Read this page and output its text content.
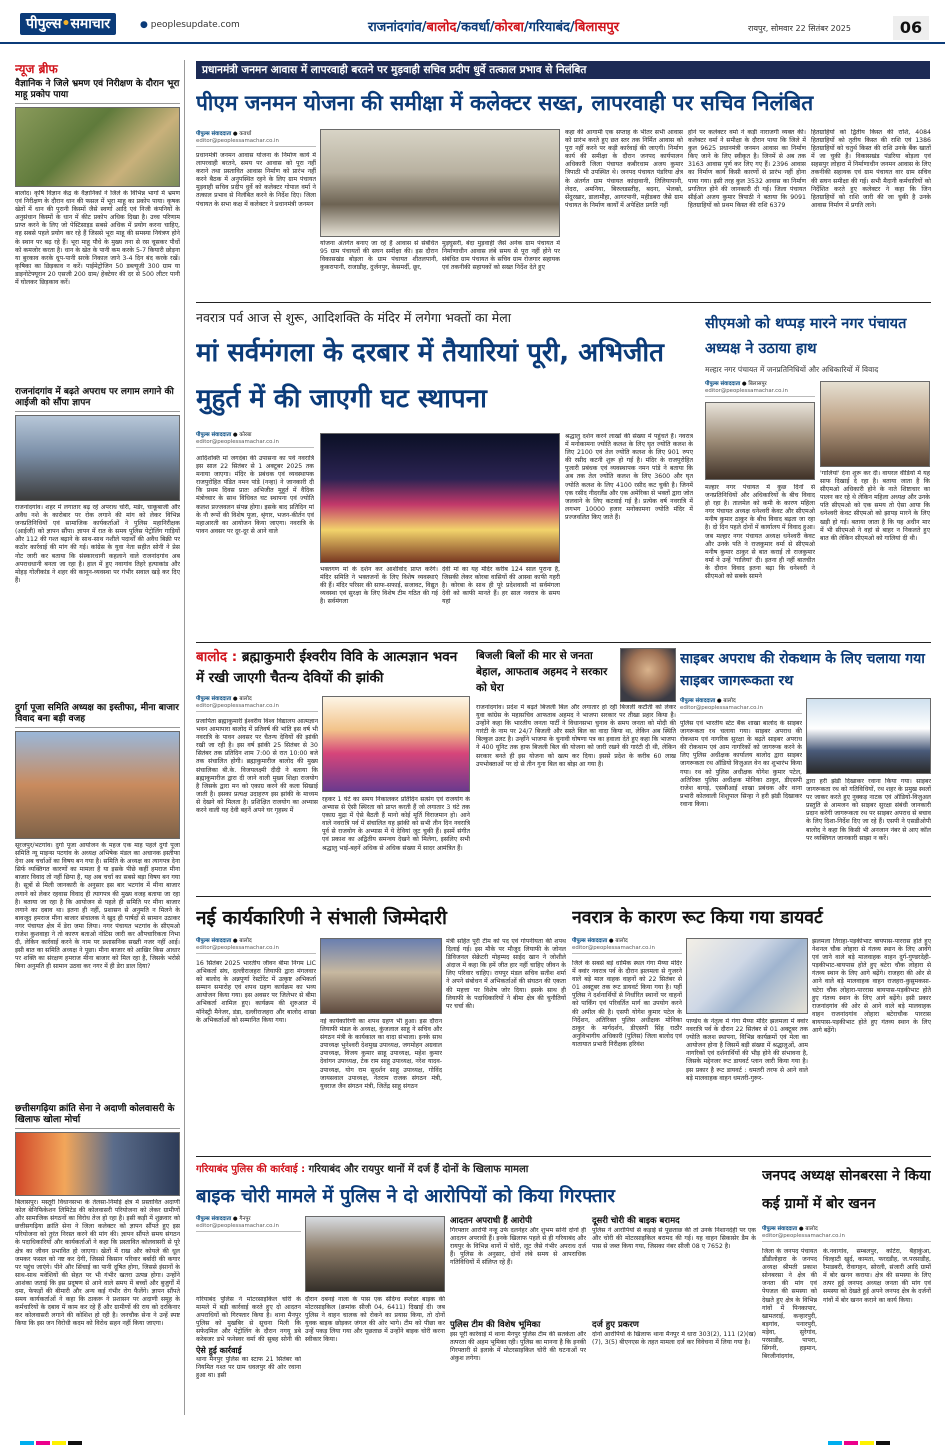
पीपुल्स•समाचार	● peoplesupdate.com	राजनांदगांव/बालोद/कवर्धा/कोरबा/गरियाबंद/बिलासपुर	रायपुर, सोमवार 22 सितंबर 2025	06
न्यूज ब्रीफ
वैज्ञानिक ने जिले भ्रमण एवं निरीक्षण के दौरान भूरा माहू प्रकोप पाया
बालोद। कृषि विज्ञान केंद्र के वैज्ञानिकों ने जिले के विभिन्न भागों में भ्रमण एवं निरीक्षण के दौरान धान की फसल में भूरा माहू का प्रकोप पाया। कृषक खेतों में धान की पुरानी किस्मों जैसे स्वर्णा आदि एवं निजी कंपनियों के अनुसंधान किस्मों के धान में कीट प्रकोप अधिक दिखा है। उच्च परिणाम प्राप्त करने के लिए जो पेस्टिसाइड सबसे अधिक में प्रयोग करना चाहिए, वह सबसे पहले प्रयोग कर रहे हैं जिससे भूरा माहू की समस्या नियंत्रण होने के स्थान पर बढ़ रहे हैं। भूरा माहू पौधे के मुख्य तना से रस चूसकर पौधों को कमजोर करता है। धान के खेत के पानी कम करके 5-7 कियारी छोड़ना या बुरकाव करके धूप-पानी सरके निकाल जाने 3-4 दिन बंद करके रखें। कृषिका का छिड़काव न करें। पाईमेट्रोजिन 50 डब्ल्यूजी 300 ग्राम या डाइनोटेफ्यूरान 20 एसजी 200 ग्राम/ हेक्टेयर की दर से 500 लीटर पानी में घोलकर छिड़काव करें।
राजनांदगांव में बढ़ते अपराध पर लगाम लगाने की आईजी को सौंपा ज्ञापन
राजनांदगांव। शहर में लगातार बढ़ रहे अपराध चोरी, मर्डर, चाकूबाजी और अवैध नशे के कारोबार पर रोक लगाने की मांग को लेकर विभिन्न जनप्रतिनिधियों एवं सामाजिक कार्यकर्ताओं ने पुलिस महानिरीक्षक (आईजी) को ज्ञापन सौंपा। ज्ञापन में रात के समय पुलिस पेट्रोलिंग गाड़ियों और 112 की गश्त बढ़ाने के साथ-साथ नशीले पदार्थों की अवैध बिक्री पर कठोर कार्रवाई की मांग की गई। कांग्रेस के युवा नेता सहीत सोनी ने प्रेस नोट जारी कर बताया कि संस्कारधानी कहलाने वाले राजनांदगांव अब अपराधधानी बनता जा रहा है। हाल में हुए नवागांव तिहरे हत्याकांड और मोहड़ गोलीकांड ने शहर की कानून-व्यवस्था पर गंभीर सवाल खड़े कर दिए हैं।
दुर्गा पूजा समिति अध्यक्ष का इस्तीफा, मीना बाजार विवाद बना बड़ी वजह
सूरजपुर/भटगांव। दुर्गा पूजा आयोजन के महज एक माह पहले दुर्गा पूजा समिति न्यू माइन्स पटगांव के अध्यक्ष अभिषेक मंडल का अचानक इस्तीफा देना अब चर्चाओं का विषय बन गया है। समिति के अध्यक्ष का त्यागपत्र देना सिर्फ व्यक्तिगत कारणों का मामला है या इसके पीछे कहीं हमराज मीना बाजार विवाद तो नहीं छिपा है, यह अब चर्चा का सबसे बड़ा विषय बन गया है। सूत्रों से मिली जानकारी के अनुसार इस बार भटगांव में मीना बाजार लगाने को लेकर रहवास विवाद ही त्यागपत्र की मुख्य वजह बताया जा रहा है। बताया जा रहा है कि आयोजन से पहले ही समिति पर मीना बाजार लगाने का दबाव था। इतना ही नहीं, प्रशासन से अनुमति न मिलने के बावजूद हमराज मीना बाजार संचालक ने खुद ही पार्षदों से सामान उठाकर नगर पंचायत क्षेत्र में डेरा जमा लिया। नगर पंचायत भटगांव के सीएमओ राजेश कुशवाहा ने तो कारण बताओ नोटिस जारी कर औपचारिकता निभा दी, लेकिन कार्रवाई करने के नाम पर प्रशासनिक सख्ती नजर नहीं आई। इसी बात का समिति अध्यक्ष ने पूछा। मीना बाजार को आखिर किस आधार पर शक्ति का संरक्षण हमराज मीना बाजार को मिल रहा है, जिसके भरोसे बिना अनुमति ही सामान उठवा कर नगर में ही डेरा डाल दिया?
छत्तीसगढ़िया क्रांति सेना ने अदाणी कोलवासरी के खिलाफ खोला मोर्चा
बिलासपुर। मस्तूरी विधानसभा के तेलसा-निर्माई क्षेत्र में प्रस्तावित अदाणी कोल बेनिफिकेशन लिमिटेड की कोलवासरी परियोजना को लेकर ग्रामीणों और सामाजिक संगठनों का विरोध तेज हो रहा है। इसी कड़ी में शुक्रवार को छत्तीसगढ़िया क्रांति सेना ने जिला कलेक्टर को ज्ञापन सौंपते हुए इस परियोजना को तुरंत निरस्त करने की मांग की। ज्ञापन सौंपते समय संगठन के पदाधिकारियों और कार्यकर्ताओं ने कहा कि प्रस्तावित कोलवासरी से पूरे क्षेत्र का जीवन प्रभावित हो जाएगा। खेतों में राख और कोयले की धूल जमकर फसल को नष्ट कर देगी, जिससे किसान परिवार बर्बादी की कगार पर पहुंच जाएंगे। पीने और सिंचाई का पानी दूषित होगा, जिससे इंसानों के साथ-साथ मवेशियों की सेहत पर भी गंभीर खतरा उत्पन्न होगा। उन्होंने आशंका जताई कि इस प्रदूषण से आने वाले समय में बच्चों और बुजुर्गों में दमा, फेफड़ों की बीमारी और अन्य कई गंभीर रोग फैलेंगे। ज्ञापन सौंपते समय कार्यकर्ताओं ने कहा कि ठाकरू ने प्रशासन पर अदाणी समूह के कर्मचारियों के दबाव में काम कर रहे हैं और ग्रामीणों की राय को दरकिनार कर कोलवासरी लगाने की कोशिश हो रही है। जनचौक सेना ने उन्हें स्पष्ट किया कि इस जन विरोधी कदम को विरोध सहन नहीं किया जाएगा।
प्रधानमंत्री जनमन आवास में लापरवाही बरतने पर मुड़वाही सचिव प्रदीप धुर्वे तत्काल प्रभाव से निलंबित
पीएम जनमन योजना की समीक्षा में कलेक्टर सख्त, लापरवाही पर सचिव निलंबित
पीपुल्स संवाददाता ● कवर्धा
editor@peoplessamachar.co.in
प्रधानमंत्री जनमन आवास योजना के निर्माण कार्य में लापरवाही बरतने, समय पर आवास को पूरा नहीं कराने तथा प्रस्तावित आवास निर्माण को प्रारंभ नहीं करने बैठक में अनुपस्थित रहने के लिए ग्राम पंचायत मुड़वाही सचिव प्रदीप धुर्वे को कलेक्टर गोपाल वर्मा ने तत्काल प्रभाव से निलंबित करने के निर्देश दिए। जिला पंचायत के सभा कक्ष में कलेक्टर ने प्रधानमंत्री जनमन
योजना अंतर्गत बनाए जा रहे हैं आवास से संबंधित 95 ग्राम पंचायतों की सघन समीक्षा की। इस दौरान विकासखंड बोड़ला के ग्राम पंचायत शीतलपानी, कुकरापानी, राजाडीह, दुर्जनपुर, केसमर्दी, छूर,
मुड़घुसरी, बेंदा मुड़वाही जैसे अनेक ग्राम पंचायत में निर्माणाधीन आवास लंबे समय से पूरा नहीं होने पर संबंधित ग्राम पंचायत के सचिव ग्राम रोजगार सहायक एवं तकनीकी सहायकों को सख्त निर्देश देते हुए
कहा की आगामी एक सप्ताह के भीतर सभी आवास को प्रारंभ करते हुए छत स्तर तक निर्मित आवास को पूरा नहीं करने पर कड़ी कार्रवाई की जाएगी। निर्माण कार्य की समीक्षा के दौरान जनपद कार्यपालन अधिकारी जिला पंचायत कबीरधाम अजय कुमार त्रिपाठी भी उपस्थित थे। जनपद पंचायत पंडरिया क्षेत्र के अंतर्गत ग्राम पंचायत कांदावानी, तिलियापानी, लेदरा, अमनिया, बिरुलडस्तीह, बदना, भेलको, सेंदुरखार, डालामौहा, आगरपानी, महीडबरा जैसे ग्राम पंचायत के निर्माण कार्यों में अपेक्षित प्रगति नहीं
होने पर कलेक्टर वर्मा ने कड़ी नाराजगी व्यक्त की। कलेक्टर वर्मा ने समीक्षा के दौरान पाया कि जिले में कुल 9625 प्रधानमंत्री जनमन आवास का निर्माण किए जाने के लिए स्वीकृत है। जिनमें से अब तक 3163 आवास पूर्ण कर लिए गए हैं। 2396 आवास का निर्माण कार्य किसी कारणों से प्रारंभ नहीं होना पाया गया। इसी तरह कुल 3532 आवास का निर्माण प्रगतिरत होने की जानकारी दी गई। जिला पंचायत सीईओ अजय कुमार त्रिपाठी ने बताया कि 9091 हितग्राहियों को प्रथम किस्त की राशि 6379
हितग्राहियों को द्वितीय किस्त की राशि, 4084 हितग्राहियों को तृतीय किस्त की राशि एवं 1386 हितग्राहियों को चतुर्थ किस्त की राशि उनके बैंक खातों में जा चुकी है। विकासखंड पंडरिया बोड़ला एवं सहसपुर लोहारा में निर्माणाधीन जनमन आवास के लिए तकनीकी सहायक एवं ग्राम पंचायत वार ग्राम सचिव की सघन समीक्षा की गई। सभी मैदानी कर्मचारियों को निर्देशित करते हुए कलेक्टर ने कहा कि जिन हितग्राहियों को राशि जारी की जा चुकी है उनके आवास निर्माण में प्रगति लाने।
नवरात्र पर्व आज से शुरू, आदिशक्ति के मंदिर में लगेगा भक्तों का मेला
मां सर्वमंगला के दरबार में तैयारियां पूरी, अभिजीत मुहुर्त में की जाएगी घट स्थापना
पीपुल्स संवाददाता ● कोरबा
editor@peoplessamachar.co.in
आदिशक्ति मां जगदंबा की उपासना का पर्व नवरात्रि इस साल 22 सितंबर से 1 अक्टूबर 2025 तक मनाया जाएगा। मंदिर के प्रबंधक एवं व्यवस्थापक राजपुरोहित पंडित नमन पांडे (नन्हा) ने जानकारी दी कि प्रथम दिवस प्रातः अभिजीत मुहूर्त में वैदिक मंत्रोच्चार के साथ विधिवत घट स्थापना एवं ज्योति कलश प्रज्जवलन संपन्न होगा। इसके बाद प्रतिदिन मां के नौ रूपों की विशेष पूजा, श्रृंगार, भजन-कीर्तन एवं महाआरती का आयोजन किया जाएगा। नवरात्रि के पावन अवसर पर दूर-दूर से आने वाले
भक्तगण मां के दर्शन कर आशीर्वाद प्राप्त करेंगे। मंदिर समिति ने भक्तजनों के लिए विशेष व्यवस्थाएं की हैं। मंदिर परिसर की साफ-सफाई, सजावट, विद्युत व्यवस्था एवं सुरक्षा के लिए विशेष टीम गठित की गई है। सर्वमंगला
देवी मां का यह मंदिर करीब 124 साल पुराना है, जिसकी लेकर कोरबा वासियों की आस्था काफी गहरी है। कोरबा के साथ ही पूरे प्रदेशवासी मां सर्वमंगला देवी को काफी मानते हैं। हर साल नवरात्र के समय यहां
श्रद्धालु दर्शन करने लाखों की संख्या में पहुंचते हैं। नवरात्र में मनोकामना ज्योति कलश के लिए घृत ज्योति कलश के लिए 2100 एवं तेल ज्योति कलश के लिए 901 रुपए की रसीद कटनी शुरू हो गई है। मंदिर के राजपुरोहित पुजारी प्रबंधक एवं व्यवस्थापक नमन पांडे ने बताया कि अब तक तेल ज्योति कलश के लिए 3600 और घृत ज्योति कलश के लिए 4100 रसीद कट चुकी है। जिनमें एक रसीद नीदरलैंड और एक अमेरिका से भक्तों द्वारा जोत जलवाने के लिए कटवाई गई है। प्रत्येक वर्ष नवरात्रि में लगभग 10000 हजार मनोकामना ज्योति मंदिर में प्रज्जवलित किए जाते हैं।
सीएमओ को थप्पड़ मारने नगर पंचायत अध्यक्ष ने उठाया हाथ
मल्हार नगर पंचायत में जनप्रतिनिधियों और अधिकारियों में विवाद
पीपुल्स संवाददाता ● बिलासपुर
editor@peoplessamachar.co.in
मल्हार नगर पंचायत में कुछ दिनों से जनप्रतिनिधियों और अधिकारियों के बीच विवाद हो रहा है। तालमेल को कमी के कारण महिला नगर पंचायत अध्यक्ष धनेश्वरी केवट और सीएमओ मनीष कुमार ठाकुर के बीच विवाद बढ़ता जा रहा है। दो दिन पहले दोनों में कार्यालय में विवाद हुआ। जब मल्हार नगर पंचायत अध्यक्ष धनेश्वरी केवट और उनके पति ने राजकुमार वर्मा से सीएमओ मनीष कुमार ठाकुर से बात कराई तो राजकुमार वर्मा ने उन्हें 'गालियां' दी। इतना ही नहीं बातचीत के दौरान विवाद इतना बढ़ा कि धनेश्वरी ने सीएमओ को सबके सामने
'गालियां' देना शुरू कर दी। वायरल वीडियो में यह साफ दिखाई दे रहा है। बताया जाता है कि सीएमओ अधिकारी होने के नाते शिष्टाचार का पालन कर रहे थे लेकिन महिला अध्यक्ष और उनके पति सीएमओ को एक समय तो ऐसा आया कि धनेश्वरी केवट सीएमओ को झापड़ मारने के लिए खड़ी हो गई। बताया जाता है कि यह अधीन मार में भी सीएमओ ने वहां से बाहर न निकलते हुए बात की लेकिन सीएमओ को गालियां दी थी।
बालोद : ब्रह्माकुमारी ईश्वरीय विवि के आत्मज्ञान भवन में रखी जाएगी चैतन्य देवियों की झांकी
पीपुल्स संवाददाता ● बालोद
editor@peoplessamachar.co.in
प्रजापिता ब्रह्माकुमारी ईश्वरीय विश्व विद्यालय आत्मज्ञान भवन आमापारा बालोद में प्रतिवर्ष की भांति इस वर्ष भी नवरात्रि के पावन अवसर पर चैतन्य देवियों की झांकी रखी जा रही है। इस वर्ष झांकी 25 सितंबर से 30 सितंबर तक प्रतिदिन शाम 7:00 से रात 10:00 बजे तक संचालित होगी। ब्रह्माकुमारीज बालोद की मुख्य संचालिका बी.के. विजयलक्ष्मी दीदी ने बताया कि ब्रह्माकुमारीज द्वारा दी जाने वाली मुख्य शिक्षा राजयोग है जिसके द्वारा मन को एकाग्र करने की कला सिखाई जाती है। इसका प्रत्यक्ष उदाहरण इस झांकी के माध्यम से देखने को मिलता है। प्रशिक्षित राजयोग का अभ्यास करने वाली यह देवी बहनें अपने घर गृहस्थ में
रहकर 1 घंटे का समय निकालकर प्रतिदिन सत्संग एवं राजयोग के अभ्यास से ऐसी स्थिरता को प्राप्त करती हैं जो लगातार 3 घंटे तक एकाग्र मुद्रा में ऐसे बैठती हैं मानो कोई मूर्ति विराजमान हो। आने वाले नवरात्रि पर्व में संचालित यह झांकी को सभी तीन दिन नवरात्रि पूर्व से राजयोग के अभ्यास में ये देवियां जुट चुकी हैं। इसमें संगीत एवं प्रकाश का अद्वितीय समन्वय देखने को मिलेगा, इसलिए सभी श्रद्धालु भाई-बहनें अधिक से अधिक संख्या में सादर आमंत्रित हैं।
बिजली बिलों की मार से जनता बेहाल, आफताब अहमद ने सरकार को घेरा
राजनांदगांव। प्रदेश में बढ़ते बिजली बिल और लगातार हो रही बिजली कटौती को लेकर युवा कांग्रेस के महासचिव आफताब अहमद ने भाजपा सरकार पर तीखा प्रहार किया है। उन्होंने कहा कि भारतीय जनता पार्टी ने विधानसभा चुनाव के समय जनता को मोदी की गारंटी के नाम पर 24/7 बिजली और सस्ते बिल का वादा किया था, लेकिन अब स्थिति बिल्कुल उलट है। उन्होंने भाजपा के चुनावी घोषणा पत्र का हवाला देते हुए कहा कि भाजपा ने 400 यूनिट तक हाफ बिजली बिल की योजना को जारी रखने की गारंटी दी थी, लेकिन सरकार बनते ही इस योजना को खत्म कर दिया। इससे प्रदेश के करीब 60 लाख उपभोक्ताओं पर दो से तीन गुना बिल का बोझ आ गया है।
साइबर अपराध की रोकथाम के लिए चलाया गया साइबर जागरूकता रथ
पीपुल्स संवाददाता ● बालोद
editor@peoplessamachar.co.in
पुलिस एवं भारतीय स्टेट बैंक शाखा बालोद के साइबर जागरूकता रथ चलाया गया। साइबर अपराध की रोकथाम एवं नागरिक सुरक्षा के बढ़ते साइबर अपराध की रोकथाम एवं आम नागरिकों को जागरूक करने के लिए पुलिस अधीक्षक कार्यालय बालोद द्वारा साइबर जागरूकता रथ ऑडियो विजुअल वेन का शुभारंभ किया गया। रथ को पुलिस अधीक्षक योगेश कुमार पटेल, अतिरिक्त पुलिस अधीक्षक मोनिका ठाकुर, डीएसपी राजेश बागड़े, एसबीआई शाखा प्रबंधक और थाना प्रभारी कोतवाली शिशुपाल सिन्हा ने हरी झंडी दिखाकर रवाना किया।
द्वारा हरी झंडी दिखाकर रवाना किया गया। साइबर जागरूकता रथ को गतिविधियों, रथ शहर के प्रमुख स्थलों पर जाकर करते हुए नुक्कड़ नाटक एवं ऑडियो-विजुअल प्रस्तुति से आमजन को साइबर सुरक्षा संबंधी जानकारी प्रदान करेगी जागरूकता रथ पर साइबर अपराध से बचाव के लिए दिशा-निर्देश दिए जा रहे हैं। एसपी ने एसडीओपी बालोद ने कहा कि किसी भी अनजान नंबर से आए कॉल पर व्यक्तिगत जानकारी साझा न करें।
नई कार्यकारिणी ने संभाली जिम्मेदारी
पीपुल्स संवाददाता ● बालोद
editor@peoplessamachar.co.in
16 सितंबर 2025 भारतीय जीवन बीमा निगम LIC अभिकर्ता संघ, दल्लीराजहरा लियाफी द्वारा मंगलवार को बालोद के अन्नपूर्णा रेस्टोरेंट में उत्कृष्ट अभिकर्ता सम्मान समारोह एवं शपथ ग्रहण कार्यक्रम का भव्य आयोजन किया गया। इस अवसर पर जिलेभर से बीमा अभिकर्ता शामिल हुए। कार्यक्रम की शुरुआत में मॉनेस्ट्री मैनेजर, डंडा, दल्लीराजहरा और बालोद शाखा के अभिकर्ताओं को सम्मानित किया गया।	नई कार्यकारिणी का शपथ ग्रहण भी हुआ। इस दौरान लियाफी मंडल के अध्यक्ष, कुंजलाल साहू ने सचिव और संगठन मंत्री के कार्यकाल का वादा संभाला। इनके साथ उपाध्यक्ष भुनेश्वरी देशमुख उपाध्यक्ष, जगमोहन अग्रवाल उपाध्यक्ष, विजय कुमार साहू उपाध्यक्ष, महेश कुमार देवांगन उपाध्यक्ष, टेक राम साहू उपाध्यक्ष, नरेश यादव-उपाध्यक्ष, योग राम सुदर्शन साहू उपाध्यक्ष, गोविंद जायसवाल उपाध्यक्ष, नेतराम राजक संगठन मंत्री, युवराज जैन संगठन मंत्री, जितेंद्र साहू संगठन
मंत्री सहित पूरी टीम को पद एवं गोपनीयता की शपथ दिलाई गई। इस मौके पर मौजूद लियाफी के जोनल डिविजनल सेक्रेटरी मोहम्मद साईद खान ने जोशीले अंदाज में कहा कि हमें जीत हार नहीं चाहिए जीवन के लिए परिवार चाहिए। रायपुर मंडल सचिव सतीश शर्मा ने अपने संबोधन में अभिकर्ताओं की संघठन की एकता की महत्ता पर विशेष जोर दिया। इसके साथ ही लियाफी के पदाधिकारियों ने बीमा क्षेत्र की चुनौतियों पर चर्चा की।
नवरात्र के कारण रूट किया गया डायवर्ट
पीपुल्स संवाददाता ● बालोद
editor@peoplessamachar.co.in
जिले के सबसे बड़े धार्मिक स्थल गंगा मैय्या मंदिर में क्वांर नवरात्र पर्व के दौरान झलमला से गुजरने वाले बड़े माल वाहक वाहनों को 22 सितंबर से 01 अक्टूबर तक रूट डायवर्ट किया गया है। यहीं पुलिस ने दर्शनार्थियों से निर्धारित स्थानों पर वाहनों को पार्किंग एवं परिवर्तित मार्ग का उपयोग करने की अपील की है। एसपी योगेश कुमार पटेल के निर्देशन, अतिरिक्त पुलिस अधीक्षक मोनिका ठाकुर के मार्गदर्शन, डीएसपी सिंह राठौर अनुविभागीय अधिकारी (पुलिस) जिला बालोद एवं यातायात प्रभारी निरीक्षक हरिवंश
पाण्डेय के नेतृत्व में गंगा मैय्या मंदिर झलमला में क्वांर नवरात्रि पर्व के दौरान 22 सितंबर से 01 अक्टूबर तक ज्योति कलश स्थापना, विभिन्न कार्यक्रमों एवं मेला का आयोजन होना है जिसमें बड़ी संख्या में श्रद्धालुओं, आम नागरिकों एवं दर्शनार्थियों की भीड़ होने की संभावना है, जिसके मद्देनजर रूट डायवर्ट प्लान जारी किया गया है। इस प्रकार है रूट डायवर्ट : धमतरी तरफ से आने वाले बड़े मालवाहक वाहन धमतरी-गुरूर-
झलमला तिराहा-पड़कीभाट बायपास-पाररास होते हुए नेशनल चौक लोहारा से गंतव्य स्थान के लिए आवेंगे एवं जाने वाले बड़े मालवाहक वाहन दुर्ग-गुण्डरदेही-पड़कीभाट-बायपास होते हुए बटेरा चौक लोहारा से गंतव्य स्थान के लिए आगे बढ़ेंगे। राजहरा की ओर से आने वाले बड़े मालवाहक वाहन राजहरा-कुसुमकसा-चटेरा चौक लोहारा-पाररास बायपास-पड़कीभाट होते हुए गंतव्य स्थान के लिए आगे बढ़ेंगे। इसी प्रकार राजनांदगांव की ओर से आने वाले बड़े मालवाहक वाहन राजनांदगांव लोहारा बटेराचौक पाररास बायपास-पड़कीभाट होते हुए गंतव्य स्थान के लिए आगे बढ़ेंगे।
गरियाबंद पुलिस की कार्रवाई : गरियाबंद और रायपुर थानों में दर्ज हैं दोनों के खिलाफ मामला
बाइक चोरी मामले में पुलिस ने दो आरोपियों को किया गिरफ्तार
पीपुल्स संवाददाता ● गैनपुर
editor@peoplessamachar.co.in
गरियाबंद पुलिस ने मोटरसाइकिल चोरी के मामले में बड़ी कार्रवाई करते हुए दो आदतन अपराधियों को गिरफ्तार किया है। थाना मैनपुर पुलिस को मुखबिर से सूचना मिली कि सफेदमिल और पेट्रोलिंग के दौरान नगयू डबे करेबजर डभे फनेस्वर वर्मा की सुबह सोनी की
ऐसे हुई कार्रवाई
थाना मैनपुर पुलिस का स्टाफ 21 सितंबर को नियमित गश्त पर ग्राम धवलपुर की ओर रवाना हुआ था। इसी
दौरान दबनई नाला के पास एक संदिग्ध स्प्लेंडर बाइक की मोटरसाइकिल (क्रमांक सीजी 04, 6411) दिखाई दी। जब पुलिस ने वाहन चालक को रोकने का प्रयास किया, तो दोनों युवक बाइक छोड़कर जंगल की ओर भागे। टीम को पीछा कर उन्हें पकड़ लिया गया और पूछताछ में उन्होंने बाइक चोरी करना स्वीकार किया।
आदतन अपराधी हैं आरोपी
गिरफ्तार आरोपी नन्हू उर्फ दलनेहर और शुभम सोनी दोनों ही आदतन अपराधी हैं। इनके खिलाफ पहले से ही गरियाबंद और रायपुर के विभिन्न थानों में चोरी, लूट जैसे गंभीर अपराध दर्ज हैं। पुलिस के अनुसार, दोनों लंबे समय से आपराधिक गतिविधियों में संलिप्त रहे हैं।
पुलिस टीम की विशेष भूमिका
इस पूरी कार्रवाई में थाना मैनपुर पुलिस टीम की सतर्कता और तत्परता की अहम भूमिका रही। पुलिस का मानना है कि इनकी गिरफ्तारी से इलाके में मोटरसाइकिल चोरी की घटनाओं पर अंकुश लगेगा।
दूसरी चोरी की बाइक बरामद
पुलिस ने आरोपियों से कड़ाई से पूछताछ की तो उनके निशानदेही पर एक और चोरी की मोटरसाइकिल बरामद की गई। यह वाहन सिकासेर डैम के पास से जब्त किया गया, जिसका नंबर सीजी 08 ए 7652 है।
दर्ज हुए प्रकरण
दोनों आरोपियों के खिलाफ थाना मैनपुर में धारा 303(2), 111 (2)(ख)(7), 3(5) बीएनएस के तहत मामला दर्ज कर विवेचना में लिया गया है।
जनपद अध्यक्ष सोनबरसा ने किया कई ग्रामों में बोर खनन
पीपुल्स संवाददाता ● बालोद
editor@peoplessamachar.co.in
जिला के जनपद पंचायत डौंडीलोहारा के जनपद अध्यक्ष श्रीमती प्रकाश सोनबरसा ने क्षेत्र की जनता की मांग एवं पेयजल की समस्या को देखते हुए क्षेत्र के विभिन्न गांवों में पिनकापार, खामतराई, कन्हारपुरी, बड़गांव, पनारपुरी, मड़ेवा, सुरेगांव, परसाडीह, पापरा, सिंगनी, हड़मान, बिरजीनांदगांव,
के.नवागांव, सम्बलपुर, कोटेरा, बैहाकुंआ, चिल्हाटी खुर्द, कामता, फरदडीह, ज.परसाडीह, रैमाडबरी, रीवागहन, सोरली, संजारी आदि ग्रामों में बोर खनन कराया। क्षेत्र की समस्या के लिए तत्पर हुई जनपद अध्यक्ष जनता की मांग एवं समस्या को देखते हुई अपने जनपद क्षेत्र के दर्जनों गांवों में बोर खनन कराने का कार्य किया।
